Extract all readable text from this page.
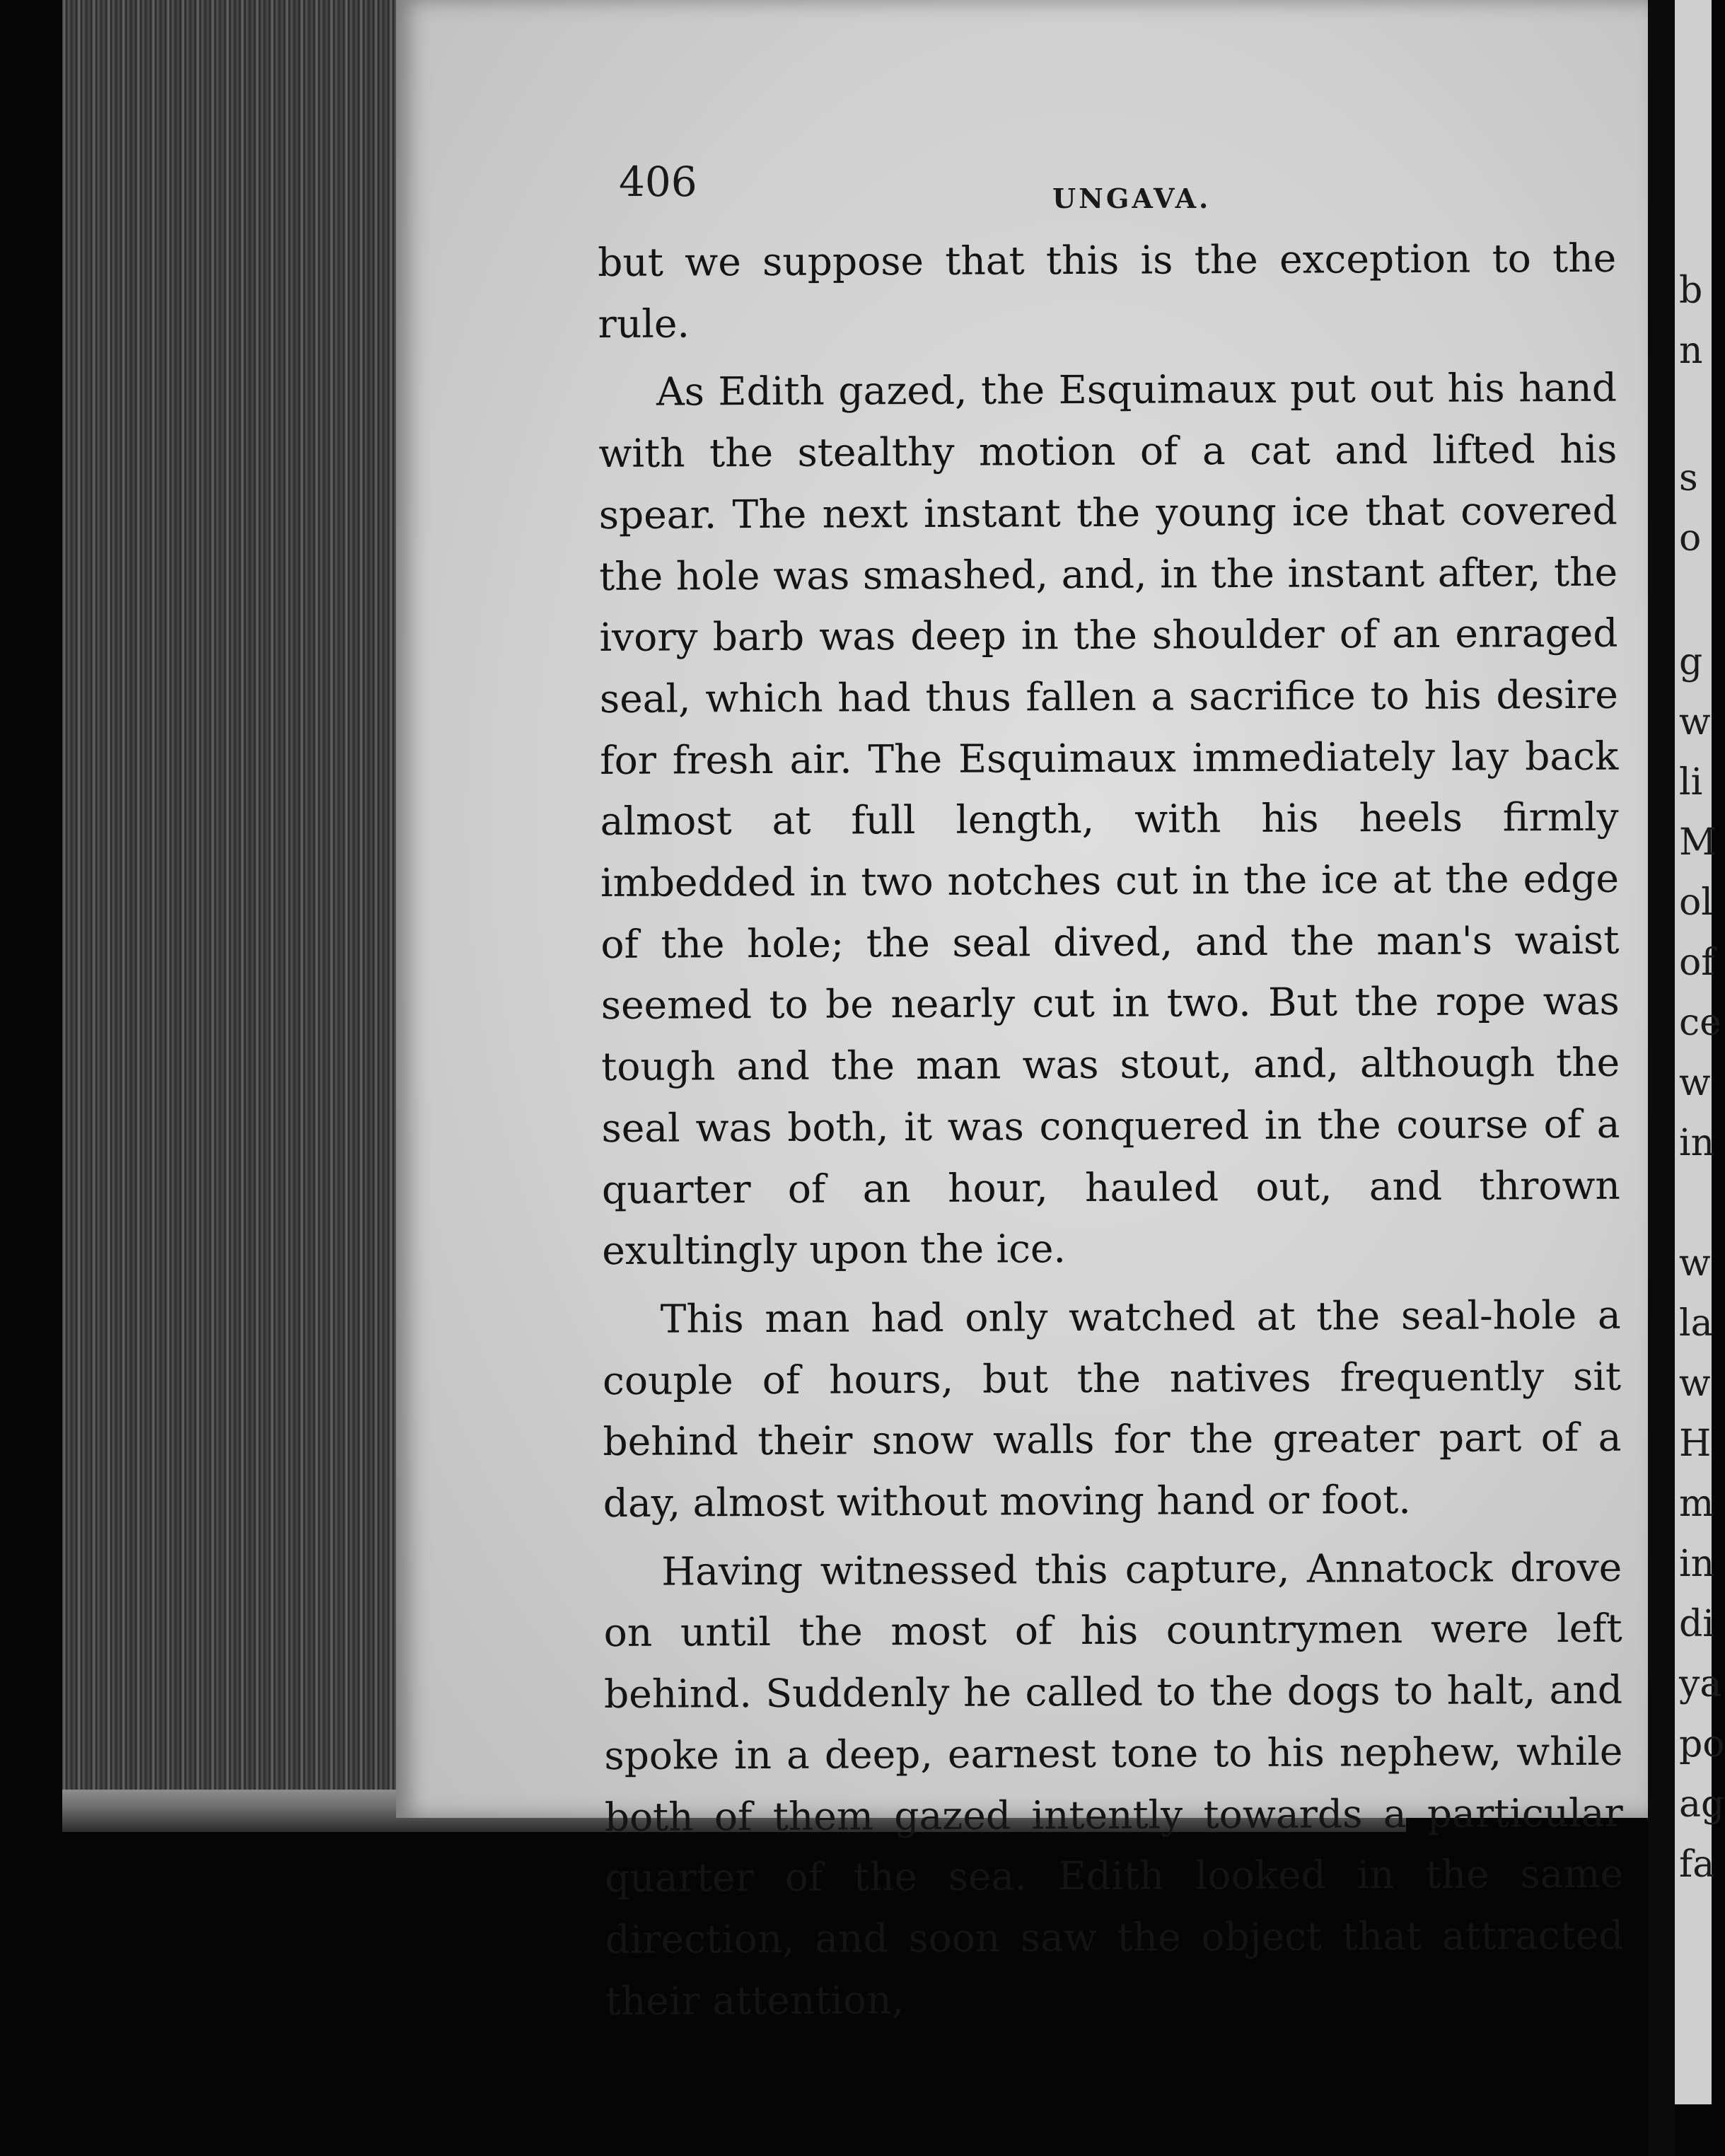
406	UNGAVA.

but we suppose that this is the exception to the rule.

As Edith gazed, the Esquimaux put out his hand with the stealthy motion of a cat and lifted his spear. The next instant the young ice that covered the hole was smashed, and, in the instant after, the ivory barb was deep in the shoulder of an enraged seal, which had thus fallen a sacrifice to his desire for fresh air. The Esquimaux immediately lay back almost at full length, with his heels firmly imbedded in two notches cut in the ice at the edge of the hole; the seal dived, and the man's waist seemed to be nearly cut in two. But the rope was tough and the man was stout, and, although the seal was both, it was conquered in the course of a quarter of an hour, hauled out, and thrown exultingly upon the ice.

This man had only watched at the seal-hole a couple of hours, but the natives frequently sit behind their snow walls for the greater part of a day, almost without moving hand or foot.

Having witnessed this capture, Annatock drove on until the most of his countrymen were left behind. Suddenly he called to the dogs to halt, and spoke in a deep, earnest tone to his nephew, while both of them gazed intently towards a particular quarter of the sea. Edith looked in the same direction, and soon saw the object that attracted their attention,

b
n
s
o
g
w
li
M
ol
of
ce
w
in
w
la
w
H
m
in
di
ya
po
ag
fa
